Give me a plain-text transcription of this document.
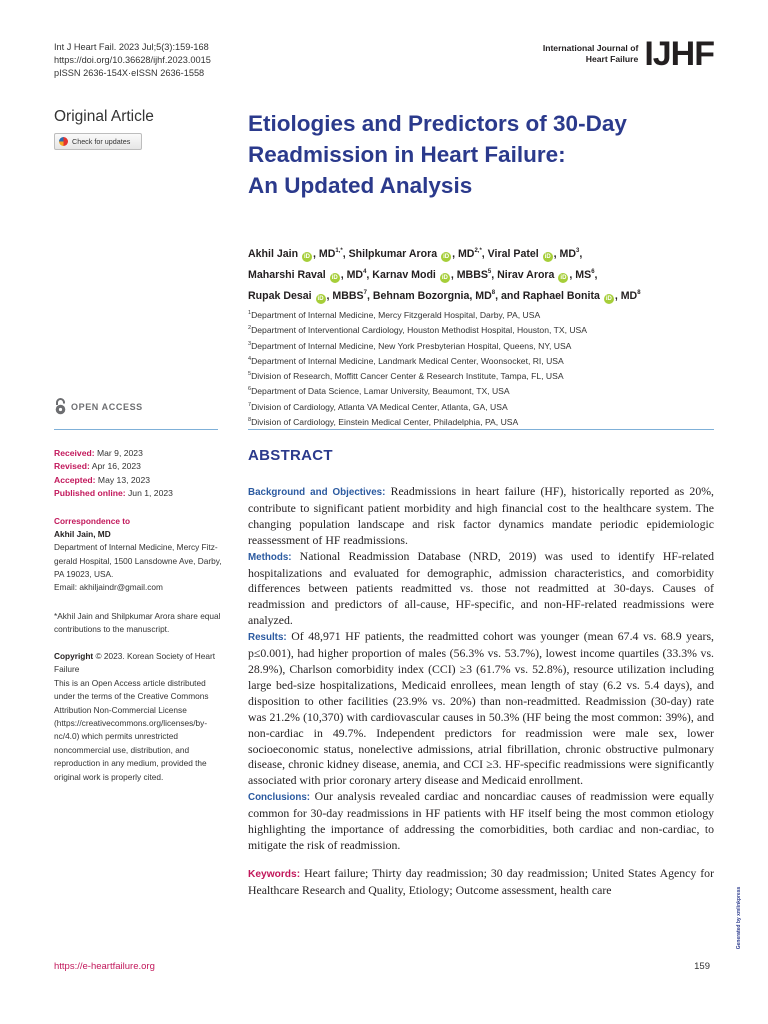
Int J Heart Fail. 2023 Jul;5(3):159-168
https://doi.org/10.36628/ijhf.2023.0015
pISSN 2636-154X·eISSN 2636-1558
International Journal of
Heart Failure IJHF
Original Article
Check for updates
Etiologies and Predictors of 30-Day
Readmission in Heart Failure:
An Updated Analysis
Akhil Jain iD , $MD^{1,*}$, Shilpkumar Arora iD , $MD^{2,*}$, Viral Patel iD , $MD^3$,
Maharshi Raval iD , $MD^4$, Karnav Modi iD , MBBS$^5$, Nirav Arora iD , $MS^6$,
Rupak Desai iD , MBBS$^7$, Behnam Bozorgnia, $MD^8$, and Raphael Bonita iD , $MD^8$
$^1$Department of Internal Medicine, Mercy Fitzgerald Hospital, Darby, PA, USA
$^2$Department of Interventional Cardiology, Houston Methodist Hospital, Houston, TX, USA
$^3$Department of Internal Medicine, New York Presbyterian Hospital, Queens, NY, USA
$^4$Department of Internal Medicine, Landmark Medical Center, Woonsocket, RI, USA
$^5$Division of Research, Moffitt Cancer Center & Research Institute, Tampa, FL, USA
$^6$Department of Data Science, Lamar University, Beaumont, TX, USA
$^7$Division of Cardiology, Atlanta VA Medical Center, Atlanta, GA, USA
$^8$Division of Cardiology, Einstein Medical Center, Philadelphia, PA, USA
OPEN ACCESS
Received: Mar 9, 2023
Revised: Apr 16, 2023
Accepted: May 13, 2023
Published online: Jun 1, 2023
Correspondence to
Akhil Jain, MD
Department of Internal Medicine, Mercy Fitz-gerald Hospital, 1500 Lansdowne Ave, Darby, PA 19023, USA.
Email: akhiljaindr@gmail.com
*Akhil Jain and Shilpkumar Arora share equal contributions to the manuscript.
Copyright © 2023. Korean Society of Heart Failure
This is an Open Access article distributed under the terms of the Creative Commons Attribution Non-Commercial License (https://creativecommons.org/licenses/by-nc/4.0) which permits unrestricted noncommercial use, distribution, and reproduction in any medium, provided the original work is properly cited.
ABSTRACT

Background and Objectives: Readmissions in heart failure (HF), historically reported as 20%, contribute to significant patient morbidity and high financial cost to the healthcare system. The changing population landscape and risk factor dynamics mandate periodic epidemiologic reassessment of HF readmissions.

Methods: National Readmission Database (NRD, 2019) was used to identify HF-related hospitalizations and evaluated for demographic, admission characteristics, and comorbidity differences between patients readmitted vs. those not readmitted at 30-days. Causes of readmission and predictors of all-cause, HF-specific, and non-HF-related readmissions were analyzed.

Results: Of 48,971 HF patients, the readmitted cohort was younger (mean 67.4 vs. 68.9 years, p≤0.001), had higher proportion of males (56.3% vs. 53.7%), lowest income quartiles (33.3% vs. 28.9%), Charlson comorbidity index (CCI) ≥3 (61.7% vs. 52.8%), resource utilization including large bed-size hospitalizations, Medicaid enrollees, mean length of stay (6.2 vs. 5.4 days), and disposition to other facilities (23.9% vs. 20%) than non-readmitted. Readmission (30-day) rate was 21.2% (10,370) with cardiovascular causes in 50.3% (HF being the most common: 39%), and non-cardiac in 49.7%. Independent predictors for readmission were male sex, lower socioeconomic status, nonelective admissions, atrial fibrillation, chronic obstructive pulmonary disease, chronic kidney disease, anemia, and CCI ≥3. HF-specific readmissions were significantly associated with prior coronary artery disease and Medicaid enrollment.

Conclusions: Our analysis revealed cardiac and noncardiac causes of readmission were equally common for 30-day readmissions in HF patients with HF itself being the most common etiology highlighting the importance of addressing the comorbidities, both cardiac and non-cardiac, to mitigate the risk of readmission.

Keywords: Heart failure; Thirty day readmission; 30 day readmission; United States Agency for Healthcare Research and Quality, Etiology; Outcome assessment, health care

https://e-heartfailure.org	159
Generated by xmlinkpress
